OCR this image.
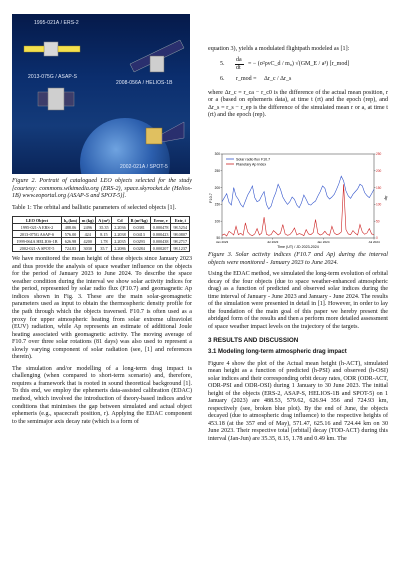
1995-021A / ERS-2
2013-075G / ASAP-S
2008-056A / HELIOS-1B
2002-021A / SPOT-5

Figure 2. Portrait of catalogued LEO objects selected for the study [courtesy: commons.wikimedia.org (ERS-2), space.skyrocket.de (Helios-1B) www.eoportal.org (ASAP-S and SPOT-5)].

Table 1: The orbital and ballistic parameters of selected objects [1].

LEO Object	h₀ (km)	m (kg)	A (m²)	Cd	B (m²/kg)	Error, e	Extr, i
1995-021-A ERS-2	488.06	2496	35.35	2.2036	0.0381	0.000478	98.5254
2013-075G ASAP-S	576.00	424	8.15	2.2038	0.0413	0.000423	98.0807
1999-064A HELIOS-1B	626.98	4200	1.78	2.2035	0.0293	0.000438	98.2717
2002-021-A SPOT-5	724.83	3030	35.7	2.2086	0.0284	0.000207	98.1237

We have monitored the mean height of these objects since January 2023 and thus provide the analysis of space weather influence on the objects for the period of January 2023 to June 2024. To describe the space weather condition during the interval we show solar activity indices for the period, represented by solar radio flux (F10.7) and geomagnetic Ap indices shown in Fig. 3. These are the main solar-geomagnetic parameters used as input to obtain the thermospheric density profile for the path through which the objects traversed. F10.7 is often used as a proxy for upper atmospheric heating from solar extreme ultraviolet (EUV) radiation, while Ap represents an estimate of additional Joule heating associated with geomagnetic activity. The moving average of F10.7 over three solar rotations (81 days) was also used to represent a slowly varying component of solar radiation (see, [1] and references therein).

The simulation and/or modelling of a long-term drag impact is challenging (when compared to short-term scenario) and, therefore, requires a framework that is rooted in sound theoretical background [1]. To this end, we employ the ephemeris data-assisted calibration (EDAC) method, which involved the introduction of theory-based indices and/or conditions that minimises the gap between simulated and actual object ephemeris (e.g., spacecraft position, r). Applying the EDAC component to the semimajor axis decay rate (which is a form of

equation 3), yields a modulated flightpath modeled as [1]:

5.
da
dt
= − (σ²ρνC_d / m₀) √(GM_E / a³) [r_mod]
6. r_mod = Δr_c / Δr_s

where Δr_c = r_ca − r_c0 is the difference of the actual mean position, r or a (based on ephemeris data), at time t (rt) and the epoch (rep), and Δr_s = r_s − r_ep is the difference of the simulated mean r or a, at time t (rt) and the epoch (rep).

50
100
150
200
250
300
0
50
100
150
200
250
Jan 2023	Jul 2023	Jan 2024	Jul 2024
Solar radio flux F10.7
Planetary Ap Index
F10.7	Ap
Time (UT) / JD 2023-2024

Figure 3. Solar activity indices (F10.7 and Ap) during the interval objects were monitored - January 2023 to June 2024.

Using the EDAC method, we simulated the long-term evolution of orbital decay of the four objects (due to space weather-enhanced atmospheric drag) as a function of predicted and observed solar indices during the time interval of January - June 2023 and January - June 2024. The results of the simulation were presented in detail in [1]. However, in order to lay the foundation of the main goal of this paper we hereby present the abridged form of the results and then a perform more detailed assessment of space weather impact levels on the trajectory of the targets.

3 RESULTS AND DISCUSSION

3.1 Modeling long-term atmospheric drag impact

Figure 4 show the plot of the Actual mean height (h-ACT), simulated mean height as a function of predicted (h-PSI) and observed (h-OSI) solar indices and their corresponding orbit decay rates, ODR (ODR-ACT, ODR-PSI and ODR-OSI) during 1 January to 30 June 2023. The initial height of the objects (ERS-2, ASAP-S, HELIOS-1B and SPOT-5) on 1 January (2023) are 488.53, 579.62, 626.94 356 and 724.93 km, respectively (see, broken blue plot). By the end of June, the objects decayed (due to atmospheric drag influence) to the respective heights of 453.18 (at the 357 end of May), 571.47, 625.16 and 724.44 km on 30 June 2023. Their respective total [orbital] decay (TOD-ACT) during this interval (Jan-Jun) are 35.35, 8.15, 1.78 and 0.49 km. The
